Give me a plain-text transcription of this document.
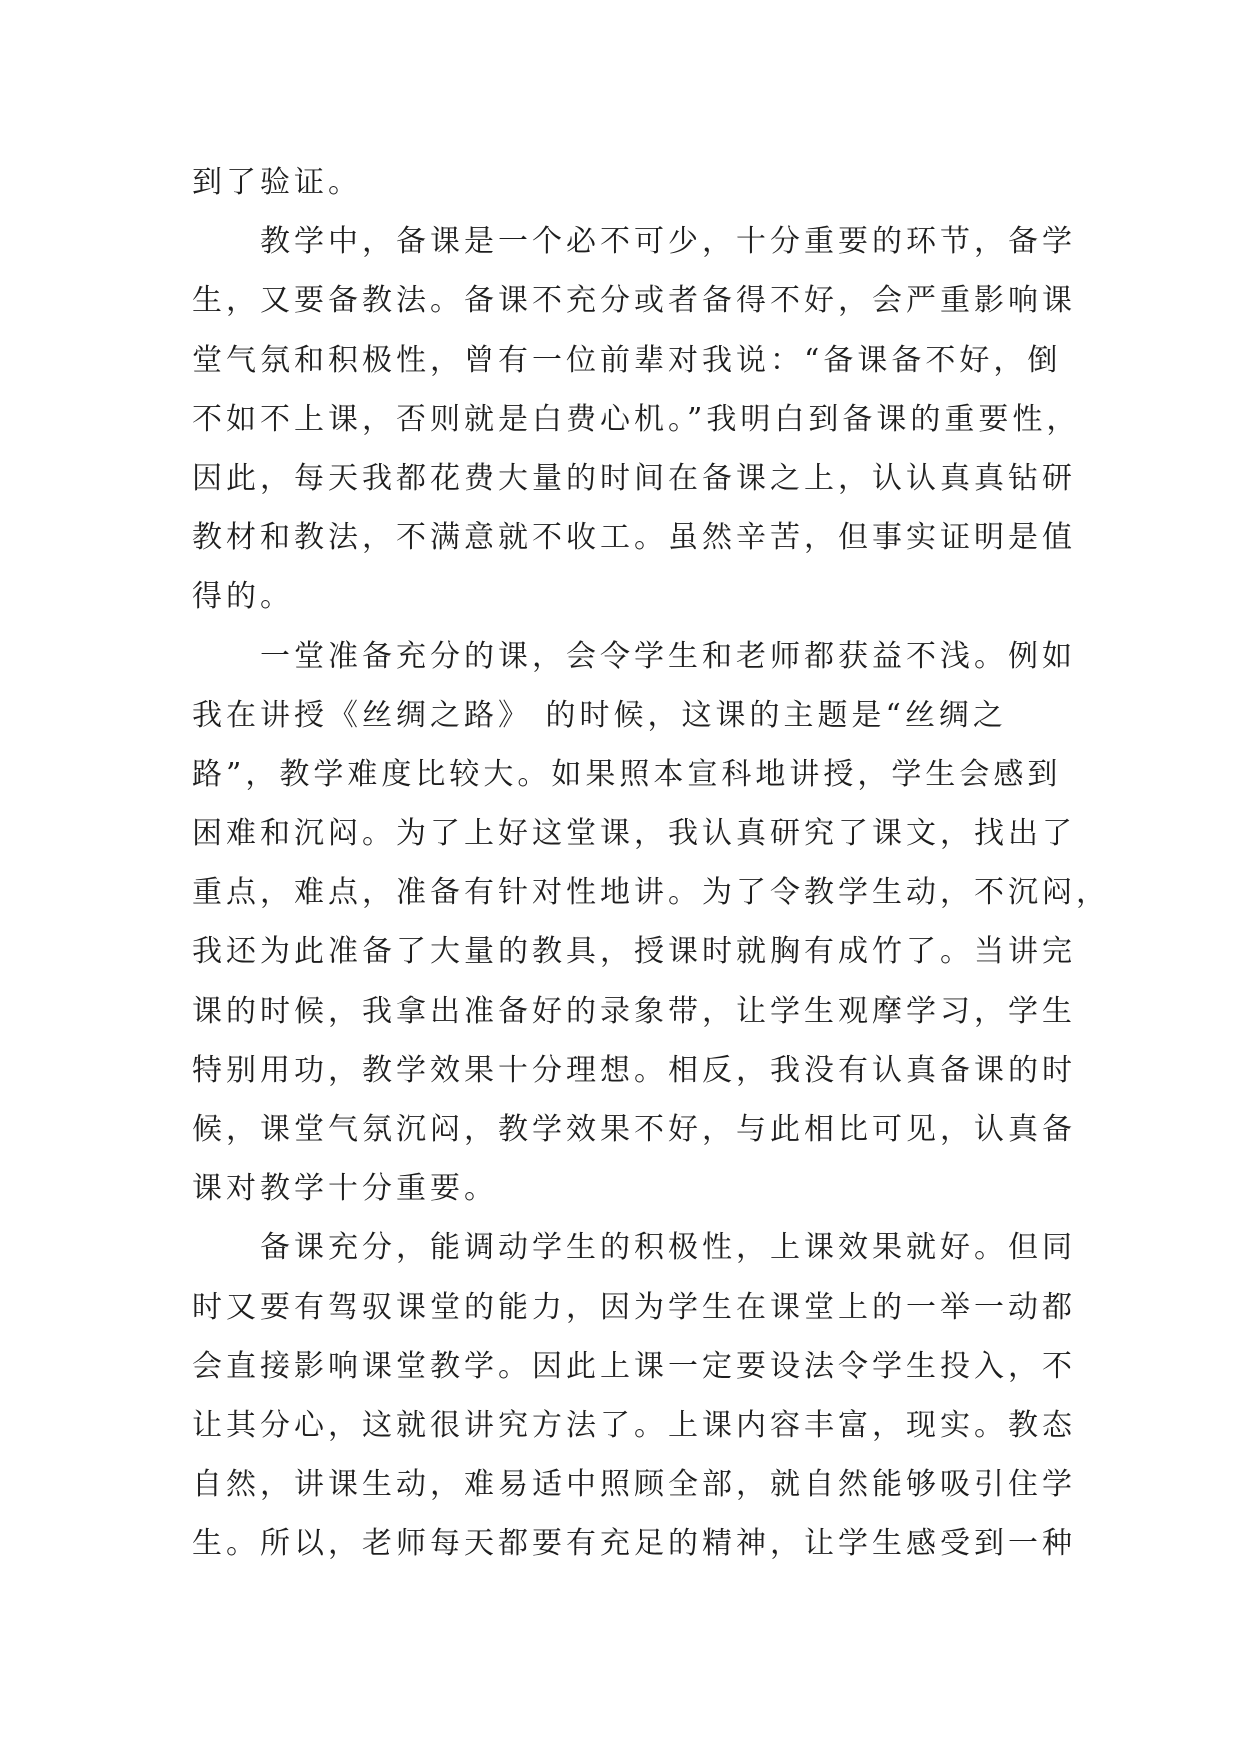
到了验证。
教学中，备课是一个必不可少，十分重要的环节，备学
生，又要备教法。备课不充分或者备得不好，会严重影响课
堂气氛和积极性，曾有一位前辈对我说：“备课备不好，倒
不如不上课，否则就是白费心机。”我明白到备课的重要性，
因此，每天我都花费大量的时间在备课之上，认认真真钻研
教材和教法，不满意就不收工。虽然辛苦，但事实证明是值
得的。
一堂准备充分的课，会令学生和老师都获益不浅。例如
我在讲授《丝绸之路》 的时候，这课的主题是“丝绸之
路”，教学难度比较大。如果照本宣科地讲授，学生会感到
困难和沉闷。为了上好这堂课，我认真研究了课文，找出了
重点，难点，准备有针对性地讲。为了令教学生动，不沉闷，
我还为此准备了大量的教具，授课时就胸有成竹了。当讲完
课的时候，我拿出准备好的录象带，让学生观摩学习，学生
特别用功，教学效果十分理想。相反，我没有认真备课的时
候，课堂气氛沉闷，教学效果不好，与此相比可见，认真备
课对教学十分重要。
备课充分，能调动学生的积极性，上课效果就好。但同
时又要有驾驭课堂的能力，因为学生在课堂上的一举一动都
会直接影响课堂教学。因此上课一定要设法令学生投入，不
让其分心，这就很讲究方法了。上课内容丰富，现实。教态
自然，讲课生动，难易适中照顾全部，就自然能够吸引住学
生。所以，老师每天都要有充足的精神，让学生感受到一种
